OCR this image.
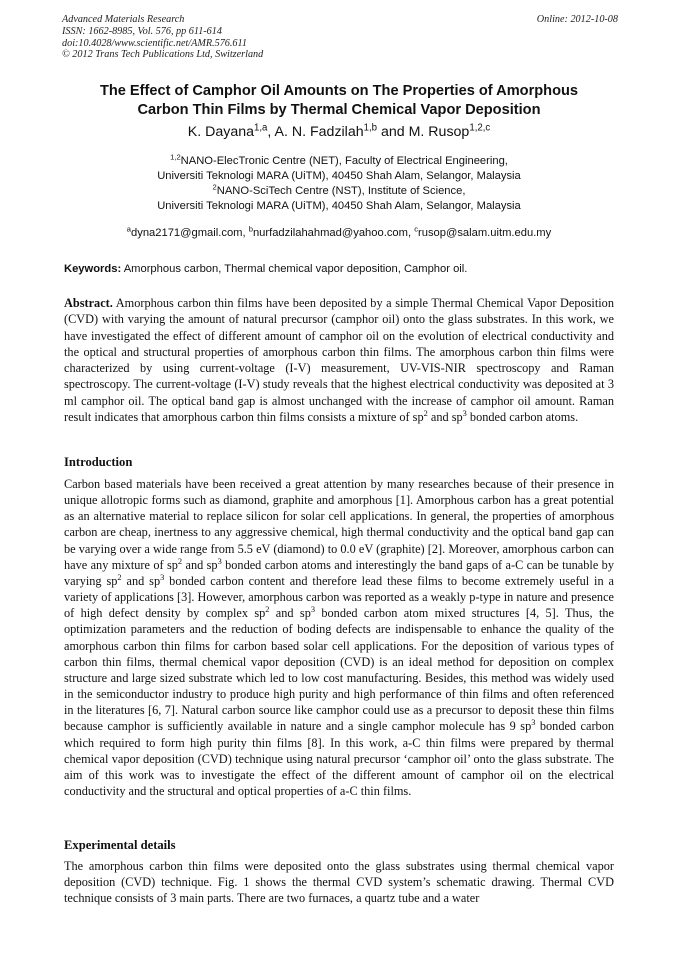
Advanced Materials Research
ISSN: 1662-8985, Vol. 576, pp 611-614
doi:10.4028/www.scientific.net/AMR.576.611
© 2012 Trans Tech Publications Ltd, Switzerland
Online: 2012-10-08
The Effect of Camphor Oil Amounts on The Properties of Amorphous
Carbon Thin Films by Thermal Chemical Vapor Deposition
K. Dayana$^{1,a}$, A. N. Fadzilah$^{1,b}$ and M. Rusop$^{1,2,c}$
$^{1,2}$NANO-ElecTronic Centre (NET), Faculty of Electrical Engineering,
Universiti Teknologi MARA (UiTM), 40450 Shah Alam, Selangor, Malaysia
$^2$NANO-SciTech Centre (NST), Institute of Science,
Universiti Teknologi MARA (UiTM), 40450 Shah Alam, Selangor, Malaysia
$^a$dyna2171@gmail.com, $^b$nurfadzilahahmad@yahoo.com, $^c$rusop@salam.uitm.edu.my
Keywords: Amorphous carbon, Thermal chemical vapor deposition, Camphor oil.
Abstract. Amorphous carbon thin films have been deposited by a simple Thermal Chemical Vapor Deposition (CVD) with varying the amount of natural precursor (camphor oil) onto the glass substrates. In this work, we have investigated the effect of different amount of camphor oil on the evolution of electrical conductivity and the optical and structural properties of amorphous carbon thin films. The amorphous carbon thin films were characterized by using current-voltage (I-V) measurement, UV-VIS-NIR spectroscopy and Raman spectroscopy. The current-voltage (I-V) study reveals that the highest electrical conductivity was deposited at 3 ml camphor oil. The optical band gap is almost unchanged with the increase of camphor oil amount. Raman result indicates that amorphous carbon thin films consists a mixture of $sp^2$ and $sp^3$ bonded carbon atoms.
Introduction
Carbon based materials have been received a great attention by many researches because of their presence in unique allotropic forms such as diamond, graphite and amorphous [1]. Amorphous carbon has a great potential as an alternative material to replace silicon for solar cell applications. In general, the properties of amorphous carbon are cheap, inertness to any aggressive chemical, high thermal conductivity and the optical band gap can be varying over a wide range from 5.5 eV (diamond) to 0.0 eV (graphite) [2]. Moreover, amorphous carbon can have any mixture of $sp^2$ and $sp^3$ bonded carbon atoms and interestingly the band gaps of a-C can be tunable by varying $sp^2$ and $sp^3$ bonded carbon content and therefore lead these films to become extremely useful in a variety of applications [3]. However, amorphous carbon was reported as a weakly p-type in nature and presence of high defect density by complex $sp^2$ and $sp^3$ bonded carbon atom mixed structures [4, 5]. Thus, the optimization parameters and the reduction of boding defects are indispensable to enhance the quality of the amorphous carbon thin films for carbon based solar cell applications. For the deposition of various types of carbon thin films, thermal chemical vapor deposition (CVD) is an ideal method for deposition on complex structure and large sized substrate which led to low cost manufacturing. Besides, this method was widely used in the semiconductor industry to produce high purity and high performance of thin films and often referenced in the literatures [6, 7]. Natural carbon source like camphor could use as a precursor to deposit these thin films because camphor is sufficiently available in nature and a single camphor molecule has 9 $sp^3$ bonded carbon which required to form high purity thin films [8]. In this work, a-C thin films were prepared by thermal chemical vapor deposition (CVD) technique using natural precursor ‘camphor oil’ onto the glass substrate. The aim of this work was to investigate the effect of the different amount of camphor oil on the electrical conductivity and the structural and optical properties of a-C thin films.
Experimental details
The amorphous carbon thin films were deposited onto the glass substrates using thermal chemical vapor deposition (CVD) technique. Fig. 1 shows the thermal CVD system’s schematic drawing. Thermal CVD technique consists of 3 main parts. There are two furnaces, a quartz tube and a water
